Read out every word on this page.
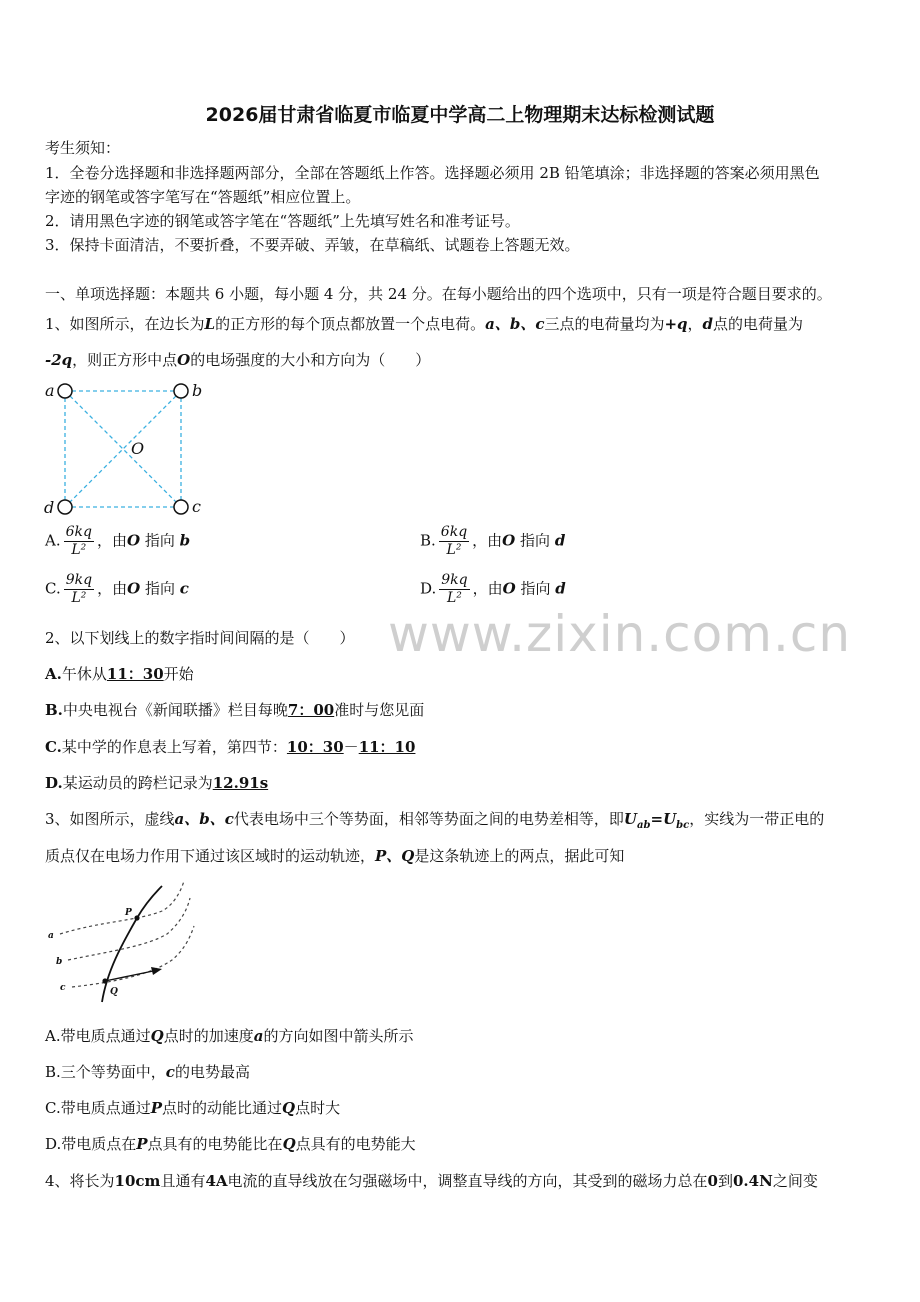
2026届甘肃省临夏市临夏中学高二上物理期末达标检测试题
考生须知：
1．全卷分选择题和非选择题两部分，全部在答题纸上作答。选择题必须用 2B 铅笔填涂；非选择题的答案必须用黑色
字迹的钢笔或答字笔写在“答题纸”相应位置上。
2．请用黑色字迹的钢笔或答字笔在“答题纸”上先填写姓名和准考证号。
3．保持卡面清洁，不要折叠，不要弄破、弄皱，在草稿纸、试题卷上答题无效。
一、单项选择题：本题共 6 小题，每小题 4 分，共 24 分。在每小题给出的四个选项中，只有一项是符合题目要求的。
1、如图所示，在边长为L的正方形的每个顶点都放置一个点电荷。a、b、c三点的电荷量均为+q，d点的电荷量为
-2q，则正方形中点O的电场强度的大小和方向为（　　）
a	b
c
d
O
A. $\frac{6kq}{\text{L²}}$ ，由O 指向 b	B. $\frac{6kq}{\text{L²}}$ ，由O 指向 d
C. $\frac{9kq}{\text{L²}}$ ，由O 指向 c	D. $\frac{9kq}{\text{L²}}$ ，由O 指向 d
www.zixin.com.cn
2、以下划线上的数字指时间间隔的是（　　）
A.午休从11：30开始
B.中央电视台《新闻联播》栏目每晚7：00准时与您见面
C.某中学的作息表上写着，第四节：10：30－11：10
D.某运动员的跨栏记录为12.91s
3、如图所示，虚线a、b、c代表电场中三个等势面，相邻等势面之间的电势差相等，即$U_{ab}=U_{bc}$，实线为一带正电的
质点仅在电场力作用下通过该区域时的运动轨迹，P、Q是这条轨迹上的两点，据此可知
P
Q
a
b
c
A.带电质点通过Q点时的加速度a的方向如图中箭头所示
B.三个等势面中，c的电势最高
C.带电质点通过P点时的动能比通过Q点时大
D.带电质点在P点具有的电势能比在Q点具有的电势能大
4、将长为10cm且通有4A电流的直导线放在匀强磁场中，调整直导线的方向，其受到的磁场力总在0到0.4N之间变
